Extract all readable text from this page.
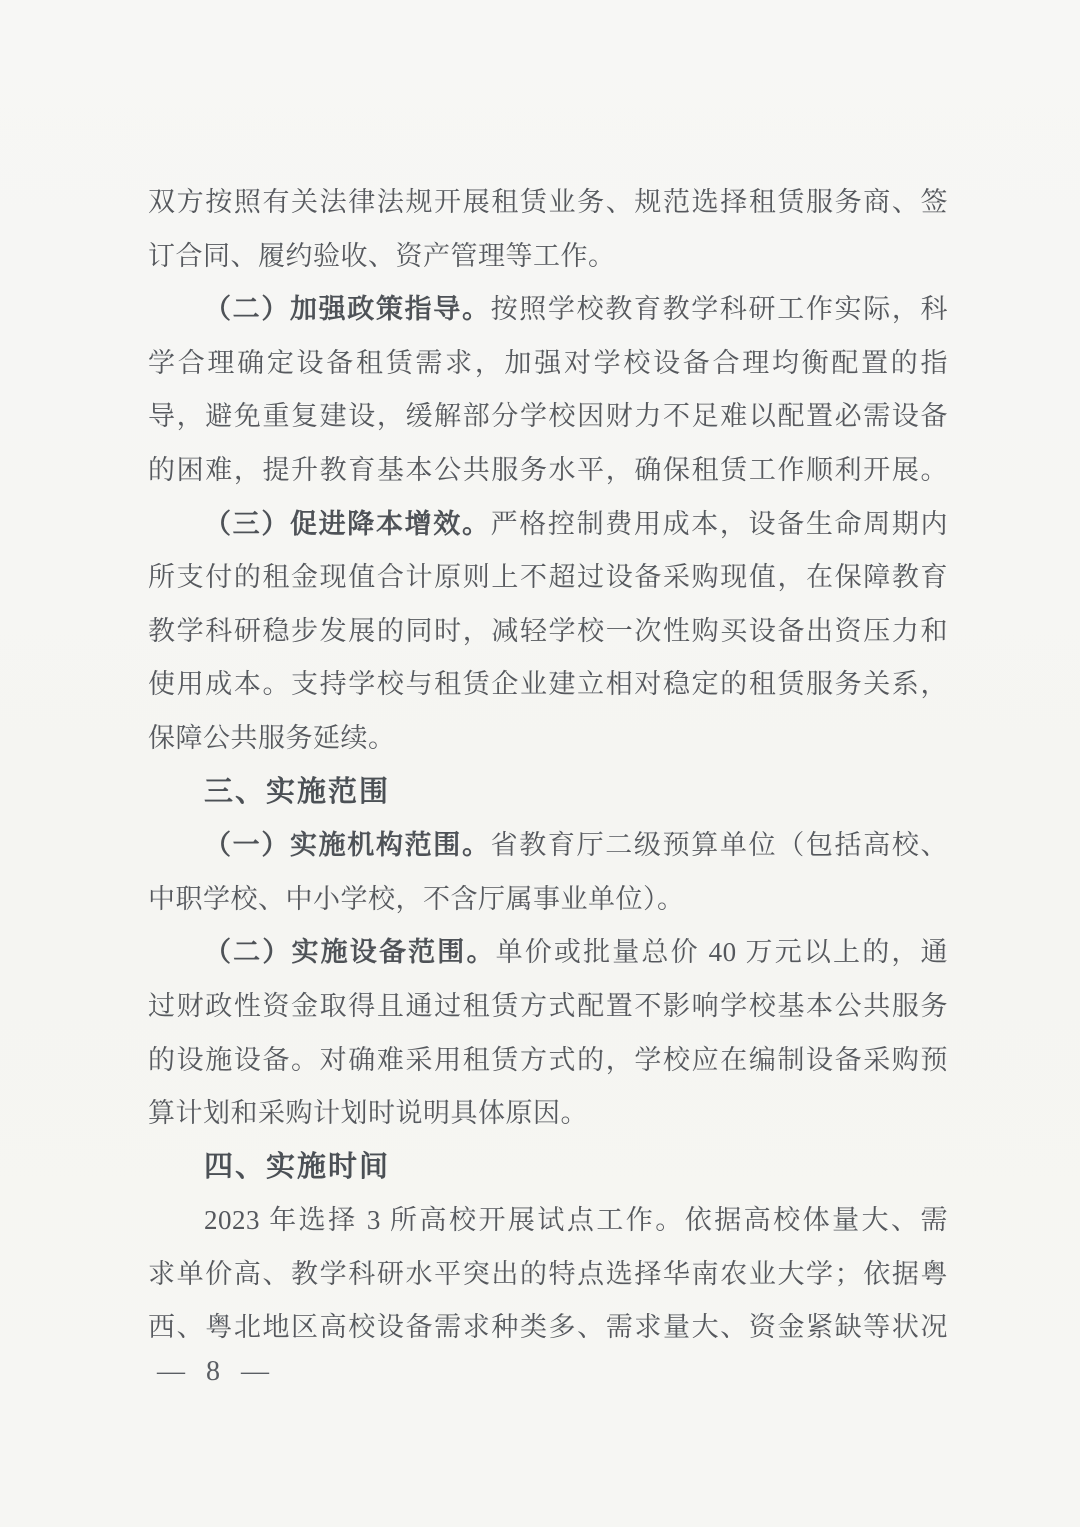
双方按照有关法律法规开展租赁业务、规范选择租赁服务商、签
订合同、履约验收、资产管理等工作。
（二）加强政策指导。按照学校教育教学科研工作实际，科
学合理确定设备租赁需求，加强对学校设备合理均衡配置的指
导，避免重复建设，缓解部分学校因财力不足难以配置必需设备
的困难，提升教育基本公共服务水平，确保租赁工作顺利开展。
（三）促进降本增效。严格控制费用成本，设备生命周期内
所支付的租金现值合计原则上不超过设备采购现值，在保障教育
教学科研稳步发展的同时，减轻学校一次性购买设备出资压力和
使用成本。支持学校与租赁企业建立相对稳定的租赁服务关系，
保障公共服务延续。
三、实施范围
（一）实施机构范围。省教育厅二级预算单位（包括高校、
中职学校、中小学校，不含厅属事业单位）。
（二）实施设备范围。单价或批量总价 40 万元以上的，通
过财政性资金取得且通过租赁方式配置不影响学校基本公共服务
的设施设备。对确难采用租赁方式的，学校应在编制设备采购预
算计划和采购计划时说明具体原因。
四、实施时间
2023 年选择 3 所高校开展试点工作。依据高校体量大、需
求单价高、教学科研水平突出的特点选择华南农业大学；依据粤
西、粤北地区高校设备需求种类多、需求量大、资金紧缺等状况
— 8 —
